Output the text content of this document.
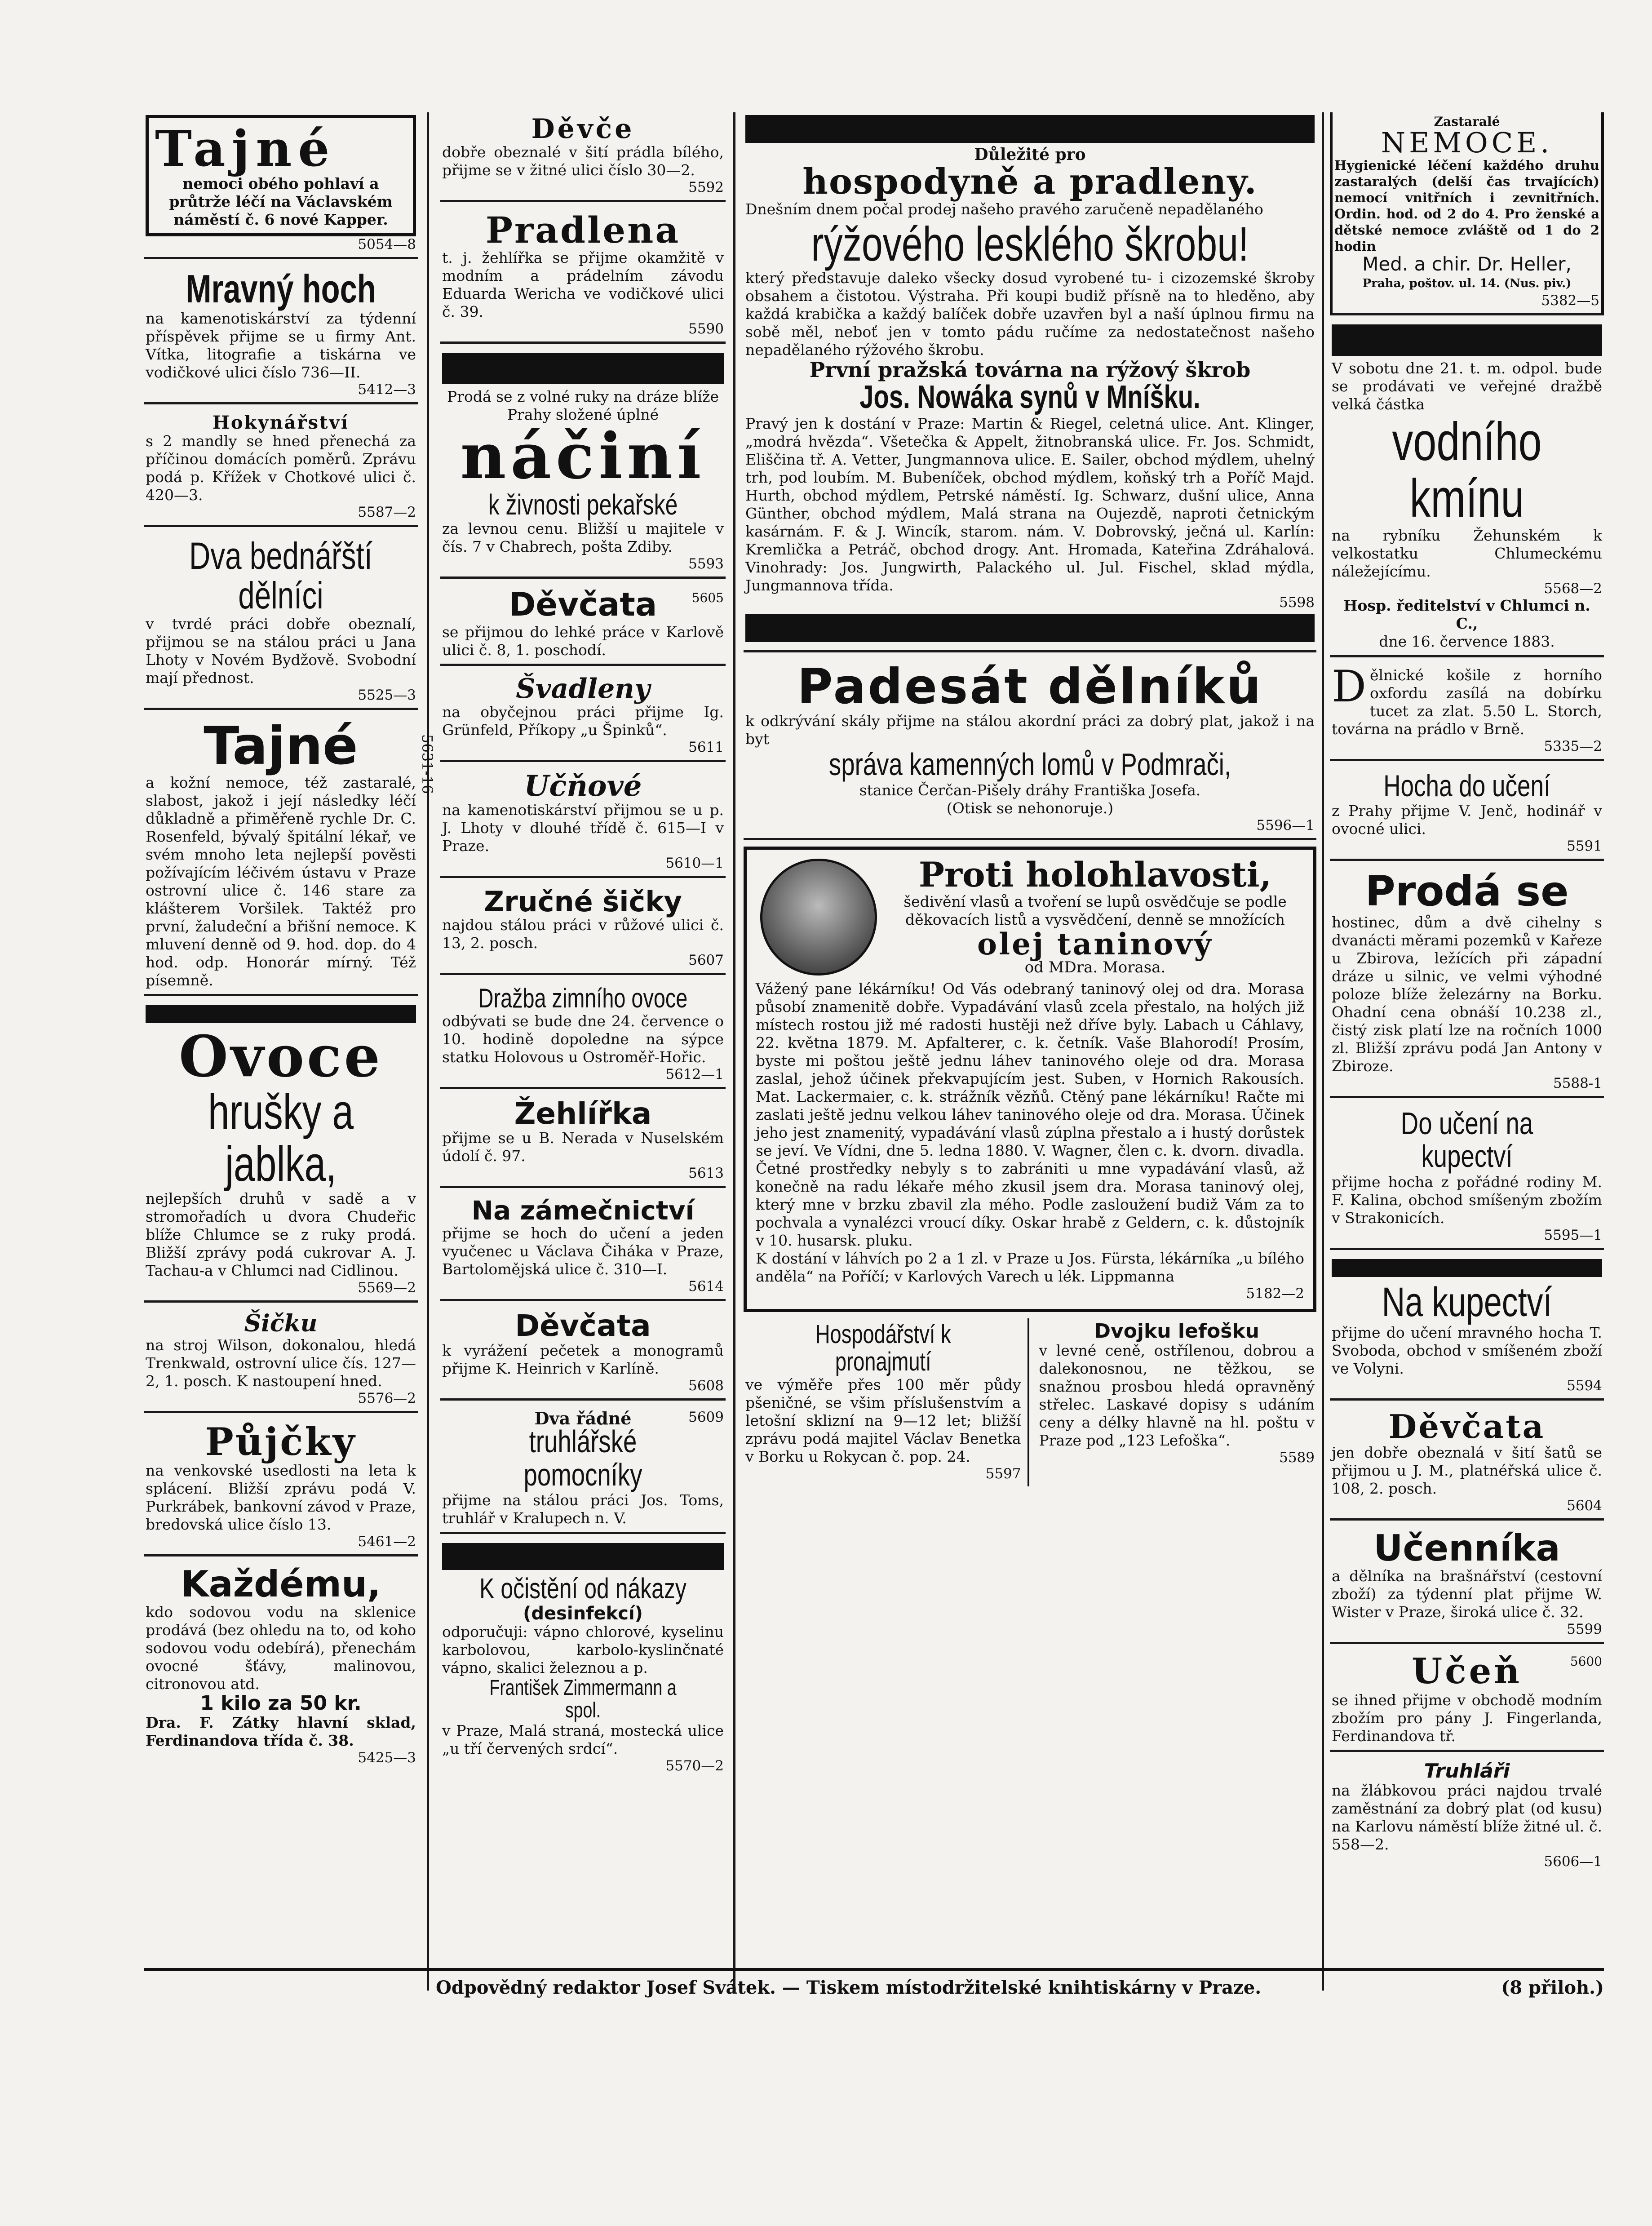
Tajné

nemoci obého pohlaví a průtrže léčí na Václavském náměstí č. 6 nové Kapper.

5054—8

Mravný hoch

na kamenotiskárství za týdenní příspěvek přijme se u firmy Ant. Vítka, litografie a tiskárna ve vodičkové ulici číslo 736—II.

5412—3

Hokynářství

s 2 mandly se hned přenechá za příčinou domácích poměrů. Zprávu podá p. Křížek v Chotkové ulici č. 420—3.

5587—2

Dva bednářští dělníci

v tvrdé práci dobře obeznalí, přijmou se na stálou práci u Jana Lhoty v Novém Bydžově. Svobodní mají přednost.

5525—3

Tajné	5631-16

a kožní nemoce, též zastaralé, slabost, jakož i její následky léčí důkladně a přiměřeně rychle Dr. C. Rosenfeld, bývalý špitální lékař, ve svém mnoho leta nejlepší pověsti požívajícím léčivém ústavu v Praze ostrovní ulice č. 146 stare za klášterem Voršilek. Taktéž pro první, žaludeční a břišní nemoce. K mluvení denně od 9. hod. dop. do 4 hod. odp. Honorár mírný. Též písemně.

Ovoce
hrušky a jablka,

nejlepších druhů v sadě a v stromořadích u dvora Chudeřic blíže Chlumce se z ruky prodá. Bližší zprávy podá cukrovar A. J. Tachau-a v Chlumci nad Cidlinou.

5569—2

Šičku

na stroj Wilson, dokonalou, hledá Trenkwald, ostrovní ulice čís. 127—2, 1. posch. K nastoupení hned.

5576—2

Půjčky

na venkovské usedlosti na leta k splácení. Bližší zprávu podá V. Purkrábek, bankovní závod v Praze, bredovská ulice číslo 13.

5461—2

Každému,

kdo sodovou vodu na sklenice prodává (bez ohledu na to, od koho sodovou vodu odebírá), přenechám ovocné šťávy, malinovou, citronovou atd.

1 kilo za 50 kr.

Dra. F. Zátky hlavní sklad, Ferdinandova třída č. 38.

5425—3

Děvče

dobře obeznalé v šití prádla bílého, přijme se v žitné ulici číslo 30—2.

5592

Pradlena

t. j. žehlířka se přijme okamžitě v modním a prádelním závodu Eduarda Wericha ve vodičkové ulici č. 39.

5590

Prodá se z volné ruky na dráze blíže Prahy složené úplné

náčiní
k živnosti pekařské

za levnou cenu. Bližší u majitele v čís. 7 v Chabrech, pošta Zdiby.

5593

Děvčata	5605

se přijmou do lehké práce v Karlově ulici č. 8, 1. poschodí.

Švadleny

na obyčejnou práci přijme Ig. Grünfeld, Příkopy „u Špinků“.

5611

Učňové

na kamenotiskárství přijmou se u p. J. Lhoty v dlouhé třídě č. 615—I v Praze.

5610—1

Zručné šičky

najdou stálou práci v růžové ulici č. 13, 2. posch.

5607

Dražba zimního ovoce

odbývati se bude dne 24. července o 10. hodině dopoledne na sýpce statku Holovous u Ostroměř-Hořic.

5612—1

Žehlířka

přijme se u B. Nerada v Nuselském údolí č. 97.

5613

Na zámečnictví

přijme se hoch do učení a jeden vyučenec u Václava Čiháka v Praze, Bartolomějská ulice č. 310—I.

5614

Děvčata

k vyrážení pečetek a monogramů přijme K. Heinrich v Karlíně.

5608

Dva řádné	5609

truhlářské pomocníky

přijme na stálou práci Jos. Toms, truhlář v Kralupech n. V.

K očistění od nákazy
(desinfekcí)

odporučuji: vápno chlorové, kyselinu karbolovou, karbolo-kyslinčnaté vápno, skalici železnou a p.

František Zimmermann a spol.

v Praze, Malá straná, mostecká ulice „u tří červených srdcí“.

5570—2

Důležité pro
hospodyně a pradleny.

Dnešním dnem počal prodej našeho pravého zaručeně nepadělaného

rýžového lesklého škrobu!

který představuje daleko všecky dosud vyrobené tu- i cizozemské škroby obsahem a čistotou. Výstraha. Při koupi budiž přísně na to hleděno, aby každá krabička a každý balíček dobře uzavřen byl a naší úplnou firmu na sobě měl, neboť jen v tomto pádu ručíme za nedostatečnost našeho nepadělaného rýžového škrobu.

První pražská továrna na rýžový škrob
Jos. Nowáka synů v Mníšku.

Pravý jen k dostání v Praze: Martin & Riegel, celetná ulice. Ant. Klinger, „modrá hvězda“. Všetečka & Appelt, žitnobranská ulice. Fr. Jos. Schmidt, Eliščina tř. A. Vetter, Jungmannova ulice. E. Sailer, obchod mýdlem, uhelný trh, pod loubím. M. Bubeníček, obchod mýdlem, koňský trh a Poříč Majd. Hurth, obchod mýdlem, Petrské náměstí. Ig. Schwarz, dušní ulice, Anna Günther, obchod mýdlem, Malá strana na Oujezdě, naproti četnickým kasárnám. F. & J. Wincík, starom. nám. V. Dobrovský, ječná ul. Karlín: Kremlička a Petráč, obchod drogy. Ant. Hromada, Kateřina Zdráhalová. Vinohrady: Jos. Jungwirth, Palackého ul. Jul. Fischel, sklad mýdla, Jungmannova třída.

5598

Padesát dělníků

k odkrývání skály přijme na stálou akordní práci za dobrý plat, jakož i na byt

správa kamenných lomů v Podmrači,

stanice Čerčan-Pišely dráhy Františka Josefa.

(Otisk se nehonoruje.)

5596—1

Proti holohlavosti,

šedivění vlasů a tvoření se lupů osvědčuje se podle děkovacích listů a vysvědčení, denně se množících

olej taninový
od MDra. Morasa.

Vážený pane lékárníku! Od Vás odebraný taninový olej od dra. Morasa působí znamenitě dobře. Vypadávání vlasů zcela přestalo, na holých již místech rostou již mé radosti hustěji než dříve byly. Labach u Cáhlavy, 22. května 1879. M. Apfalterer, c. k. četník. Vaše Blahorodí! Prosím, byste mi poštou ještě jednu láhev taninového oleje od dra. Morasa zaslal, jehož účinek překvapujícím jest. Suben, v Hornich Rakousích. Mat. Lackermaier, c. k. strážník vězňů. Ctěný pane lékárníku! Račte mi zaslati ještě jednu velkou láhev taninového oleje od dra. Morasa. Účinek jeho jest znamenitý, vypadávání vlasů zúplna přestalo a i hustý dorůstek se jeví. Ve Vídni, dne 5. ledna 1880. V. Wagner, člen c. k. dvorn. divadla. Četné prostředky nebyly s to zabrániti u mne vypadávání vlasů, až konečně na radu lékaře mého zkusil jsem dra. Morasa taninový olej, který mne v brzku zbavil zla mého. Podle zasloužení budiž Vám za to pochvala a vynalézci vroucí díky. Oskar hrabě z Geldern, c. k. důstojník v 10. husarsk. pluku.

K dostání v láhvích po 2 a 1 zl. v Praze u Jos. Fürsta, lékárníka „u bílého anděla“ na Poříčí; v Karlových Varech u lék. Lippmanna

5182—2

Hospodářství k pronajmutí

ve výměře přes 100 měr půdy pšeničné, se všim příslušenstvím a letošní sklizní na 9—12 let; bližší zprávu podá majitel Václav Benetka v Borku u Rokycan č. pop. 24.

5597

Dvojku lefošku

v levné ceně, ostřílenou, dobrou a dalekonosnou, ne těžkou, se snažnou prosbou hledá opravněný střelec. Laskavé dopisy s udáním ceny a délky hlavně na hl. poštu v Praze pod „123 Lefoška“.

5589

Zastaralé
NEMOCE.

Hygienické léčení každého druhu zastaralých (delší čas trvajících) nemocí vnitřních i zevnitřních. Ordin. hod. od 2 do 4. Pro ženské a dětské nemoce zvláště od 1 do 2 hodin

Med. a chir. Dr. Heller,

Praha, poštov. ul. 14. (Nus. piv.)

5382—5

V sobotu dne 21. t. m. odpol. bude se prodávati ve veřejné dražbě velká částka

vodního kmínu

na rybníku Žehunském k velkostatku Chlumeckému náležejícímu.

5568—2

Hosp. ředitelství v Chlumci n. C.,

dne 16. července 1883.

Dělnické košile z horního oxfordu zasílá na dobírku tucet za zlat. 5.50 L. Storch, továrna na prádlo v Brně.

5335—2

Hocha do učení

z Prahy přijme V. Jenč, hodinář v ovocné ulici.

5591

Prodá se

hostinec, dům a dvě cihelny s dvanácti měrami pozemků v Kařeze u Zbirova, ležících při západní dráze u silnic, ve velmi výhodné poloze blíže železárny na Borku. Ohadní cena obnáší 10.238 zl., čistý zisk platí lze na ročních 1000 zl. Bližší zprávu podá Jan Antony v Zbiroze.

5588-1

Do učení na kupectví

přijme hocha z pořádné rodiny M. F. Kalina, obchod smíšeným zbožím v Strakonicích.

5595—1

Na kupectví

přijme do učení mravného hocha T. Svoboda, obchod v smíšeném zboží ve Volyni.

5594

Děvčata

jen dobře obeznalá v šití šatů se přijmou u J. M., platnéřská ulice č. 108, 2. posch.

5604

Učenníka

a dělníka na brašnářství (cestovní zboží) za týdenní plat přijme W. Wister v Praze, široká ulice č. 32.

5599

Učeň	5600

se ihned přijme v obchodě modním zbožím pro pány J. Fingerlanda, Ferdinandova tř.

Truhláři

na žlábkovou práci najdou trvalé zaměstnání za dobrý plat (od kusu) na Karlovu náměstí blíže žitné ul. č. 558—2.

5606—1

Odpovědný redaktor Josef Svátek. — Tiskem místodržitelské knihtiskárny v Praze.	(8 přiloh.)
